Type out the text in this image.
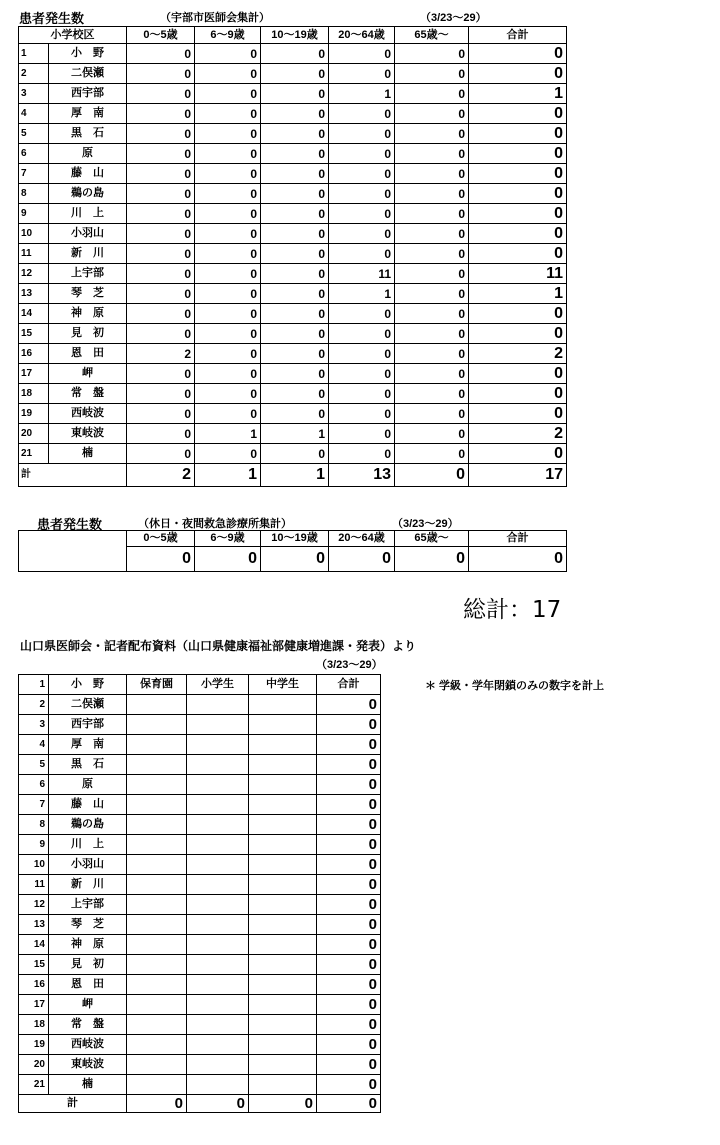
患者発生数	（宇部市医師会集計）	（3/23～29）
小学校区		0～5歳	6～9歳	10～19歳	20～64歳	65歳～	合計
1	小　野	0	0	0	0	0	0
2	二俣瀬	0	0	0	0	0	0
3	西宇部	0	0	0	1	0	1
4	厚　南	0	0	0	0	0	0
5	黒　石	0	0	0	0	0	0
6	原	0	0	0	0	0	0
7	藤　山	0	0	0	0	0	0
8	鵜の島	0	0	0	0	0	0
9	川　上	0	0	0	0	0	0
10	小羽山	0	0	0	0	0	0
11	新　川	0	0	0	0	0	0
12	上宇部	0	0	0	11	0	11
13	琴　芝	0	0	0	1	0	1
14	神　原	0	0	0	0	0	0
15	見　初	0	0	0	0	0	0
16	恩　田	2	0	0	0	0	2
17	岬	0	0	0	0	0	0
18	常　盤	0	0	0	0	0	0
19	西岐波	0	0	0	0	0	0
20	東岐波	0	1	1	0	0	2
21	楠	0	0	0	0	0	0
計		2	1	1	13	0	17
患者発生数	（休日・夜間救急診療所集計）	（3/23～29）
	0～5歳	6～9歳	10～19歳	20～64歳	65歳～	合計
	0	0	0	0	0	0
総計：17
山口県医師会・記者配布資料（山口県健康福祉部健康増進課・発表）より
（3/23～29）
＊ 学級・学年閉鎖のみの数字を計上
1	小　野	保育園	小学生	中学生	合計
2	二俣瀬				0
3	西宇部				0
4	厚　南				0
5	黒　石				0
6	原				0
7	藤　山				0
8	鵜の島				0
9	川　上				0
10	小羽山				0
11	新　川				0
12	上宇部				0
13	琴　芝				0
14	神　原				0
15	見　初				0
16	恩　田				0
17	岬				0
18	常　盤				0
19	西岐波				0
20	東岐波				0
21	楠				0
計		0	0	0	0
